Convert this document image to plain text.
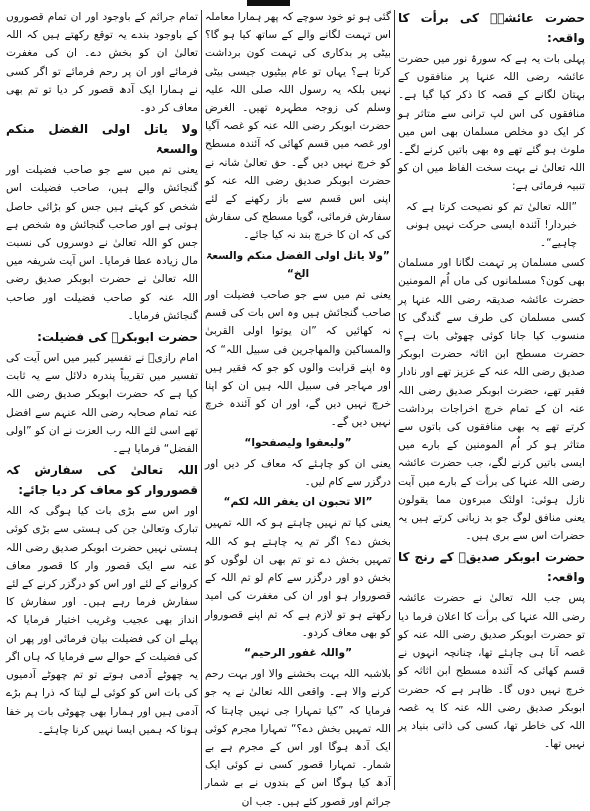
حضرت عائشہؓ کی برأت کا واقعہ:
پہلی بات یہ ہے کہ سورۃ نور میں حضرت عائشہ رضی اللہ عنہا پر منافقوں کے بہتان لگانے کے قصہ کا ذکر کیا گیا ہے۔ منافقوں کی اس لپ ترانی سے متاثر ہو کر ایک دو مخلص مسلمان بھی اس میں ملوث ہو گئے تھے وہ بھی باتیں کرنے لگے۔ اللہ تعالیٰ نے بہت سخت الفاظ میں ان کو تنبیہ فرمائی ہے:
”اللہ تعالیٰ تم کو نصیحت کرتا ہے کہ خبردار! آئندہ ایسی حرکت نہیں ہونی چاہیے“۔
کسی مسلمان پر تہمت لگانا اور مسلمان بھی کون؟ مسلمانوں کی ماں اُم المومنین حضرت عائشہ صدیقہ رضی اللہ عنہا پر کسی مسلمان کی طرف سے گندگی کا منسوب کیا جانا کوئی چھوٹی بات ہے؟ حضرت مسطح ابن اثاثہ حضرت ابوبکر صدیق رضی اللہ عنہ کے عزیز تھے اور نادار فقیر تھے، حضرت ابوبکر صدیق رضی اللہ عنہ ان کے تمام خرچ اخراجات برداشت کرتے تھے یہ بھی منافقوں کی باتوں سے متاثر ہو کر اُم المومنین کے بارے میں ایسی باتیں کرنے لگے، جب حضرت عائشہ رضی اللہ عنہا کی برأت کے بارے میں آیت نازل ہوئی: اولئک مبرءون مما یقولون یعنی منافق لوگ جو بد زبانی کرتے ہیں یہ حضرات اس سے بری ہیں۔
حضرت ابوبکر صدیقؓ کے رنج کا واقعہ:
پس جب اللہ تعالیٰ نے حضرت عائشہ رضی اللہ عنہا کی برأت کا اعلان فرما دیا تو حضرت ابوبکر صدیق رضی اللہ عنہ کو غصہ آنا ہی چاہئے تھا، چنانچہ انہوں نے قسم کھائی کہ آئندہ مسطح ابن اثاثہ کو خرچ نہیں دوں گا۔ ظاہر ہے کہ حضرت ابوبکر صدیق رضی اللہ عنہ کا یہ غصہ اللہ کی خاطر تھا، کسی کی ذاتی بنیاد پر نہیں تھا۔
گئی ہو تو خود سوچے کہ پھر ہمارا معاملہ اس تہمت لگانے والے کے ساتھ کیا ہو گا؟ بیٹی پر بدکاری کی تہمت کون برداشت کرتا ہے؟ یہاں تو عام بیٹیوں جیسی بیٹی نہیں بلکہ یہ رسول اللہ صلی اللہ علیہ وسلم کی زوجہ مطہرہ تھیں۔ الغرض حضرت ابوبکر رضی اللہ عنہ کو غصہ آگیا اور غصہ میں قسم کھائی کہ آئندہ مسطح کو خرچ نہیں دیں گے۔ حق تعالیٰ شانہ نے حضرت ابوبکر صدیق رضی اللہ عنہ کو اپنی اس قسم سے باز رکھنے کے لئے سفارش فرمائی، گویا مسطح کی سفارش کی کہ ان کا خرچ بند نہ کیا جائے۔
”ولا یاتل اولی الفضل منکم والسعۃ الخ“
یعنی تم میں سے جو صاحب فضیلت اور صاحب گنجائش ہیں وہ اس بات کی قسم نہ کھائیں کہ ”ان یوتوا اولی القربیٰ والمساکین والمھاجرین فی سبیل اللہ“ کہ وہ اپنے قرابت والوں کو جو کہ فقیر ہیں اور مہاجر فی سبیل اللہ ہیں ان کو اپنا خرچ نہیں دیں گے، اور ان کو آئندہ خرچ نہیں دیں گے۔
”ولیعفوا ولیصفحوا“
یعنی ان کو چاہئے کہ معاف کر دیں اور درگزر سے کام لیں۔
”الا تحبون ان یغفر اللہ لکم“
یعنی کیا تم نہیں چاہتے ہو کہ اللہ تمہیں بخش دے؟ اگر تم یہ چاہتے ہو کہ اللہ تمہیں بخش دے تو تم بھی ان لوگوں کو بخش دو اور درگزر سے کام لو تم اللہ کے قصوروار ہو اور ان کی مغفرت کی امید رکھتے ہو تو لازم ہے کہ تم اپنے قصوروار کو بھی معاف کردو۔
”واللہ غفور الرحیم“
بلاشبہ اللہ بہت بخشنے والا اور بہت رحم کرنے والا ہے۔ واقعی اللہ تعالیٰ نے یہ جو فرمایا کہ ”کیا تمہارا جی نہیں چاہتا کہ اللہ تمہیں بخش دے؟“ تمہارا مجرم کوئی ایک آدھ ہوگا اور اس کے مجرم ہے بے شمار۔ تمہارا قصور کسی نے کوئی ایک آدھ کیا ہوگا اس کے بندوں نے بے شمار جرائم اور قصور کئے ہیں۔ جب ان
تمام جرائم کے باوجود اور ان تمام قصوروں کے باوجود بندے یہ توقع رکھتے ہیں کہ اللہ تعالیٰ ان کو بخش دے۔ ان کی مغفرت فرمائے اور ان پر رحم فرمائے تو اگر کسی نے ہمارا ایک آدھ قصور کر دیا تو تم بھی معاف کر دو۔
ولا یاتل اولی الفضل منکم والسعۃ
یعنی تم میں سے جو صاحب فضیلت اور گنجائش والے ہیں، صاحب فضیلت اس شخص کو کہتے ہیں جس کو بڑائی حاصل ہوتی ہے اور صاحب گنجائش وہ شخص ہے جس کو اللہ تعالیٰ نے دوسروں کی نسبت مال زیادہ عطا فرمایا۔ اس آیت شریفہ میں اللہ تعالیٰ نے حضرت ابوبکر صدیق رضی اللہ عنہ کو صاحب فضیلت اور صاحب گنجائش فرمایا۔
حضرت ابوبکرؓ کی فضیلت:
امام رازیؒ نے تفسیر کبیر میں اس آیت کی تفسیر میں تقریباً پندرہ دلائل سے یہ ثابت کیا ہے کہ حضرت ابوبکر صدیق رضی اللہ عنہ تمام صحابہ رضی اللہ عنہم سے افضل تھے اسی لئے اللہ رب العزت نے ان کو ”اولی الفضل“ فرمایا ہے۔
اللہ تعالیٰ کی سفارش کہ قصوروار کو معاف کر دیا جائے:
اور اس سے بڑی بات کیا ہوگی کہ اللہ تبارک وتعالیٰ جن کی ہستی سے بڑی کوئی ہستی نہیں حضرت ابوبکر صدیق رضی اللہ عنہ سے ایک قصور وار کا قصور معاف کروانے کے لئے اور اس کو درگزر کرنے کے لئے سفارش فرما رہے ہیں۔ اور سفارش کا انداز بھی عجیب وغریب اختیار فرمایا کہ پہلے ان کی فضیلت بیان فرمائی اور پھر ان کی فضیلت کے حوالے سے فرمایا کہ ہاں اگر یہ چھوٹے آدمی ہوتے تو تم چھوٹے آدمیوں کی بات اس کو کوئی لے لیتا کہ ذرا ہم بڑے آدمی ہیں اور ہمارا بھی چھوٹی بات پر خفا ہونا کہ ہمیں ایسا نہیں کرنا چاہئے۔
